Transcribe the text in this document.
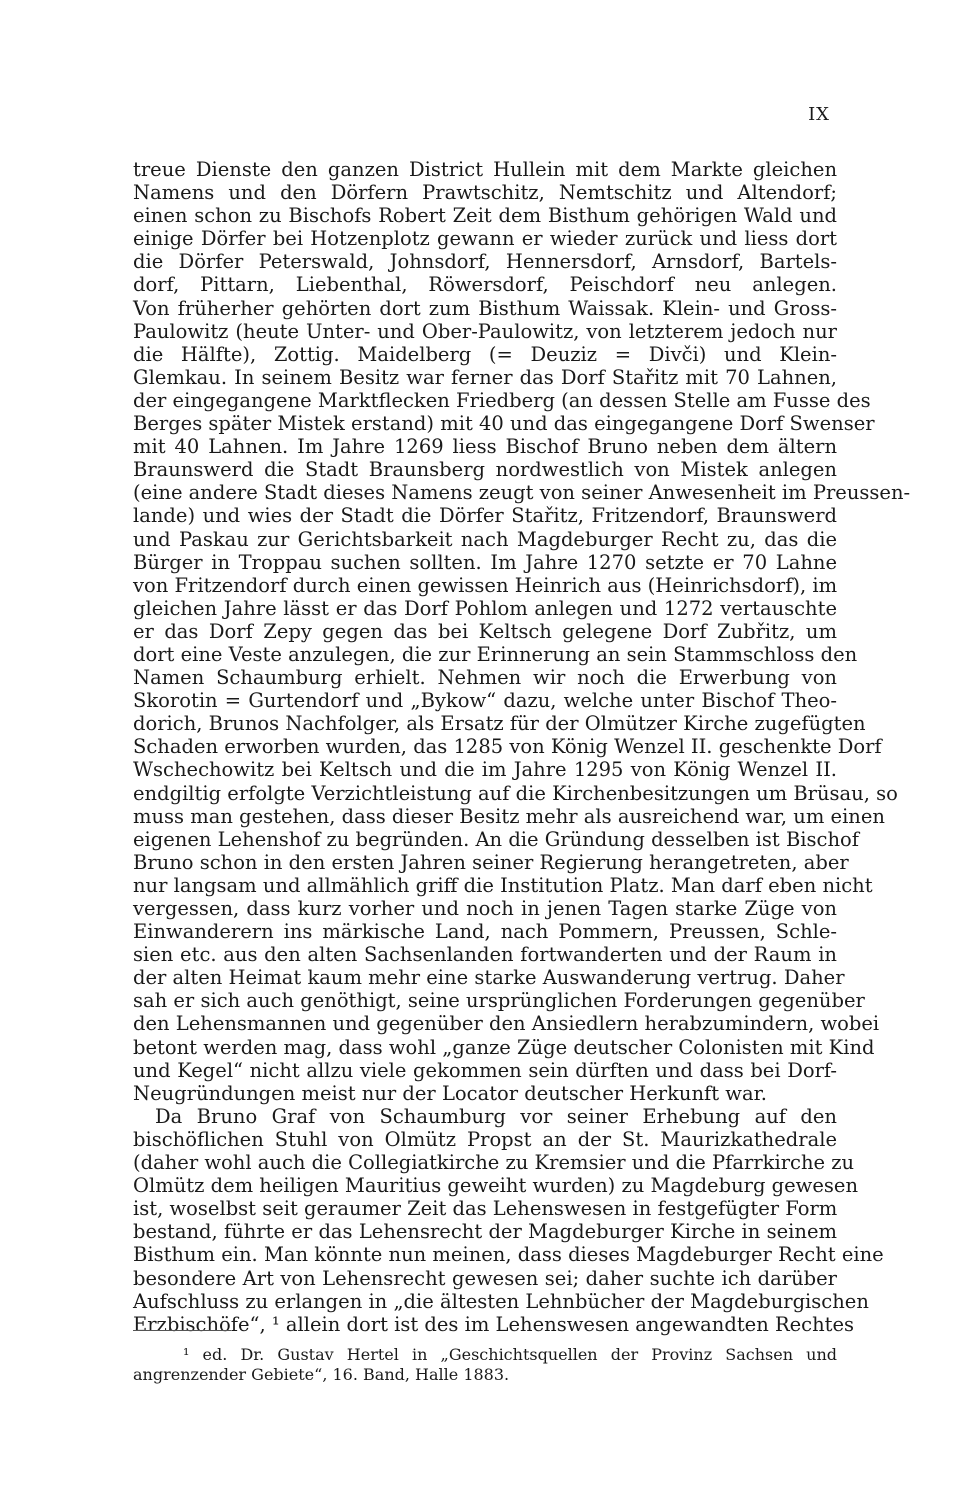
IX
treue Dienste den ganzen District Hullein mit dem Markte gleichen
Namens und den Dörfern Prawtschitz, Nemtschitz und Altendorf;
einen schon zu Bischofs Robert Zeit dem Bisthum gehörigen Wald und
einige Dörfer bei Hotzenplotz gewann er wieder zurück und liess dort
die Dörfer Peterswald, Johnsdorf, Hennersdorf, Arnsdorf, Bartels-
dorf, Pittarn, Liebenthal, Röwersdorf, Peischdorf neu anlegen.
Von früherher gehörten dort zum Bisthum Waissak. Klein- und Gross-
Paulowitz (heute Unter- und Ober-Paulowitz, von letzterem jedoch nur
die Hälfte), Zottig. Maidelberg (= Deuziz = Divči) und Klein-
Glemkau. In seinem Besitz war ferner das Dorf Stařitz mit 70 Lahnen,
der eingegangene Marktflecken Friedberg (an dessen Stelle am Fusse des
Berges später Mistek erstand) mit 40 und das eingegangene Dorf Swenser
mit 40 Lahnen. Im Jahre 1269 liess Bischof Bruno neben dem ältern
Braunswerd die Stadt Braunsberg nordwestlich von Mistek anlegen
(eine andere Stadt dieses Namens zeugt von seiner Anwesenheit im Preussen-
lande) und wies der Stadt die Dörfer Stařitz, Fritzendorf, Braunswerd
und Paskau zur Gerichtsbarkeit nach Magdeburger Recht zu, das die
Bürger in Troppau suchen sollten. Im Jahre 1270 setzte er 70 Lahne
von Fritzendorf durch einen gewissen Heinrich aus (Heinrichsdorf), im
gleichen Jahre lässt er das Dorf Pohlom anlegen und 1272 vertauschte
er das Dorf Zepy gegen das bei Keltsch gelegene Dorf Zubřitz, um
dort eine Veste anzulegen, die zur Erinnerung an sein Stammschloss den
Namen Schaumburg erhielt. Nehmen wir noch die Erwerbung von
Skorotin = Gurtendorf und „Bykow“ dazu, welche unter Bischof Theo-
dorich, Brunos Nachfolger, als Ersatz für der Olmützer Kirche zugefügten
Schaden erworben wurden, das 1285 von König Wenzel II. geschenkte Dorf
Wschechowitz bei Keltsch und die im Jahre 1295 von König Wenzel II.
endgiltig erfolgte Verzichtleistung auf die Kirchenbesitzungen um Brüsau, so
muss man gestehen, dass dieser Besitz mehr als ausreichend war, um einen
eigenen Lehenshof zu begründen. An die Gründung desselben ist Bischof
Bruno schon in den ersten Jahren seiner Regierung herangetreten, aber
nur langsam und allmählich griff die Institution Platz. Man darf eben nicht
vergessen, dass kurz vorher und noch in jenen Tagen starke Züge von
Einwanderern ins märkische Land, nach Pommern, Preussen, Schle-
sien etc. aus den alten Sachsenlanden fortwanderten und der Raum in
der alten Heimat kaum mehr eine starke Auswanderung vertrug. Daher
sah er sich auch genöthigt, seine ursprünglichen Forderungen gegenüber
den Lehensmannen und gegenüber den Ansiedlern herabzumindern, wobei
betont werden mag, dass wohl „ganze Züge deutscher Colonisten mit Kind
und Kegel“ nicht allzu viele gekommen sein dürften und dass bei Dorf-
Neugründungen meist nur der Locator deutscher Herkunft war.
Da Bruno Graf von Schaumburg vor seiner Erhebung auf den
bischöflichen Stuhl von Olmütz Propst an der St. Maurizkathedrale
(daher wohl auch die Collegiatkirche zu Kremsier und die Pfarrkirche zu
Olmütz dem heiligen Mauritius geweiht wurden) zu Magdeburg gewesen
ist, woselbst seit geraumer Zeit das Lehenswesen in festgefügter Form
bestand, führte er das Lehensrecht der Magdeburger Kirche in seinem
Bisthum ein. Man könnte nun meinen, dass dieses Magdeburger Recht eine
besondere Art von Lehensrecht gewesen sei; daher suchte ich darüber
Aufschluss zu erlangen in „die ältesten Lehnbücher der Magdeburgischen
Erzbischöfe“, ¹ allein dort ist des im Lehenswesen angewandten Rechtes
¹ ed. Dr. Gustav Hertel in „Geschichtsquellen der Provinz Sachsen und
angrenzender Gebiete“, 16. Band, Halle 1883.
